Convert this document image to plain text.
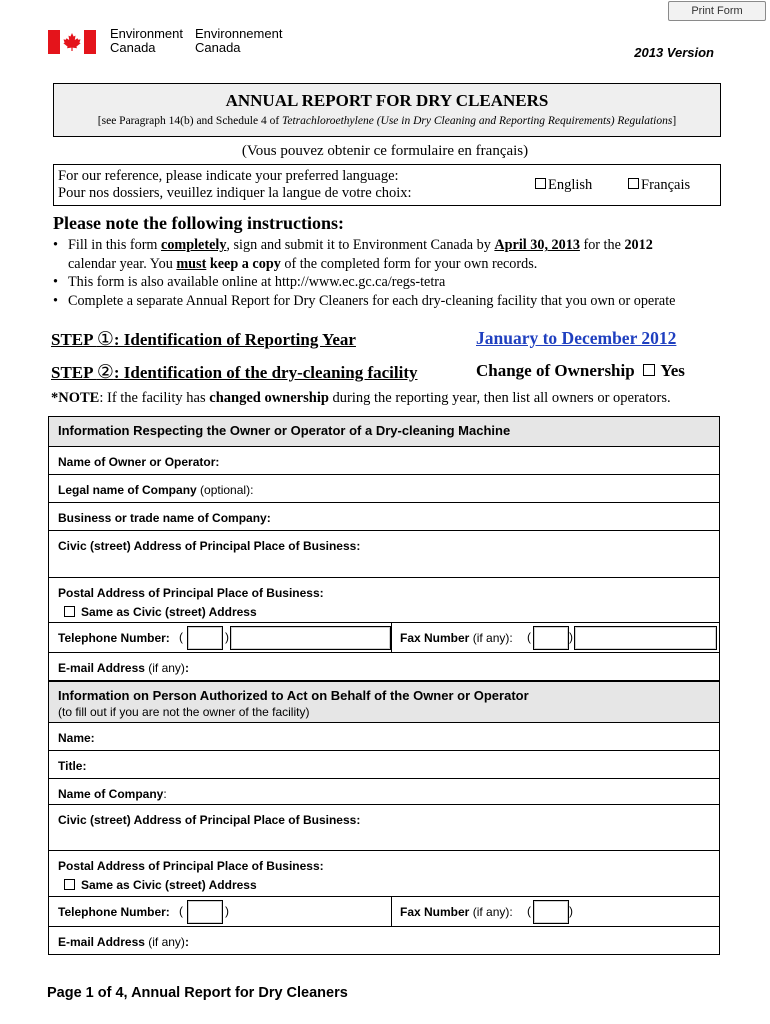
Print Form
Environment
Canada
Environnement
Canada	2013 Version
ANNUAL REPORT FOR DRY CLEANERS
[see Paragraph 14(b) and Schedule 4 of Tetrachloroethylene (Use in Dry Cleaning and Reporting Requirements) Regulations]
(Vous pouvez obtenir ce formulaire en français)
For our reference, please indicate your preferred language:
Pour nos dossiers, veuillez indiquer la langue de votre choix:	English	Français
Please note the following instructions:
• Fill in this form completely, sign and submit it to Environment Canada by April 30, 2013 for the 2012
calendar year. You must keep a copy of the completed form for your own records.
• This form is also available online at http://www.ec.gc.ca/regs-tetra
• Complete a separate Annual Report for Dry Cleaners for each dry-cleaning facility that you own or operate
STEP ①: Identification of Reporting Year	January to December 2012
STEP ②: Identification of the dry-cleaning facility	Change of Ownership Yes
*NOTE: If the facility has changed ownership during the reporting year, then list all owners or operators.
Information Respecting the Owner or Operator of a Dry-cleaning Machine
Name of Owner or Operator:
Legal name of Company (optional):
Business or trade name of Company:
Civic (street) Address of Principal Place of Business:
Postal Address of Principal Place of Business:
Same as Civic (street) Address
Telephone Number: (	)	Fax Number (if any): (	)
E-mail Address (if any):
Information on Person Authorized to Act on Behalf of the Owner or Operator
(to fill out if you are not the owner of the facility)
Name:
Title:
Name of Company:
Civic (street) Address of Principal Place of Business:
Postal Address of Principal Place of Business:
Same as Civic (street) Address
Telephone Number: (	)	Fax Number (if any): (	)
E-mail Address (if any):
Page 1 of 4, Annual Report for Dry Cleaners
